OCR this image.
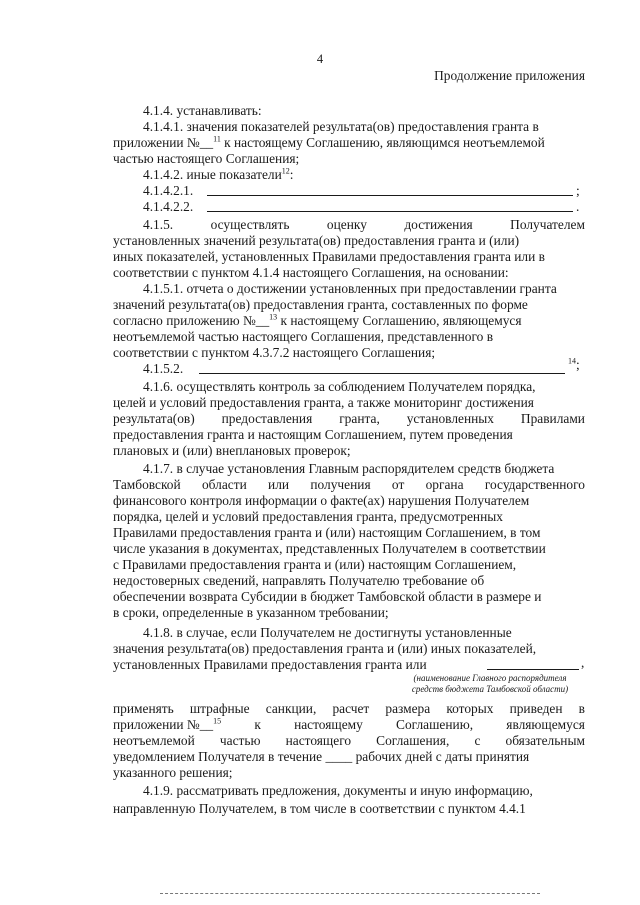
4
Продолжение приложения
4.1.4. устанавливать:
4.1.4.1. значения показателей результата(ов) предоставления гранта в
приложении №__$^{11}$ к настоящему Соглашению, являющимся неотъемлемой
частью настоящего Соглашения;
4.1.4.2. иные показатели$^{12}$:
4.1.4.2.1.	;
4.1.4.2.2.	.
4.1.5.	осуществлять	оценку	достижения	Получателем
установленных значений результата(ов) предоставления гранта и (или)
иных показателей, установленных Правилами предоставления гранта или в
соответствии с пунктом 4.1.4 настоящего Соглашения, на основании:
4.1.5.1. отчета о достижении установленных при предоставлении гранта
значений результата(ов) предоставления гранта, составленных по форме
согласно приложению №__$^{13}$ к настоящему Соглашению, являющемуся
неотъемлемой частью настоящего Соглашения, представленного в
соответствии с пунктом 4.3.7.2 настоящего Соглашения;
4.1.5.2.	$^{14}$;
4.1.6. осуществлять контроль за соблюдением Получателем порядка,
целей и условий предоставления гранта, а также мониторинг достижения
результата(ов) предоставления гранта, установленных Правилами
предоставления гранта и настоящим Соглашением, путем проведения
плановых и (или) внеплановых проверок;
4.1.7. в случае установления Главным распорядителем средств бюджета
Тамбовской области или получения от органа государственного
финансового контроля информации о факте(ах) нарушения Получателем
порядка, целей и условий предоставления гранта, предусмотренных
Правилами предоставления гранта и (или) настоящим Соглашением, в том
числе указания в документах, представленных Получателем в соответствии
с Правилами предоставления гранта и (или) настоящим Соглашением,
недостоверных сведений, направлять Получателю требование об
обеспечении возврата Субсидии в бюджет Тамбовской области в размере и
в сроки, определенные в указанном требовании;
4.1.8. в случае, если Получателем не достигнуты установленные
значения результата(ов) предоставления гранта и (или) иных показателей,
установленных Правилами предоставления гранта или	,
(наименование Главного распорядителя
средств бюджета Тамбовской области)
применять штрафные санкции, расчет размера которых приведен в
приложении №__$^{15}$ к настоящему Соглашению, являющемуся
неотъемлемой частью настоящего Соглашения, с обязательным
уведомлением Получателя в течение ____ рабочих дней с даты принятия
указанного решения;
4.1.9. рассматривать предложения, документы и иную информацию,
направленную Получателем, в том числе в соответствии с пунктом 4.4.1
